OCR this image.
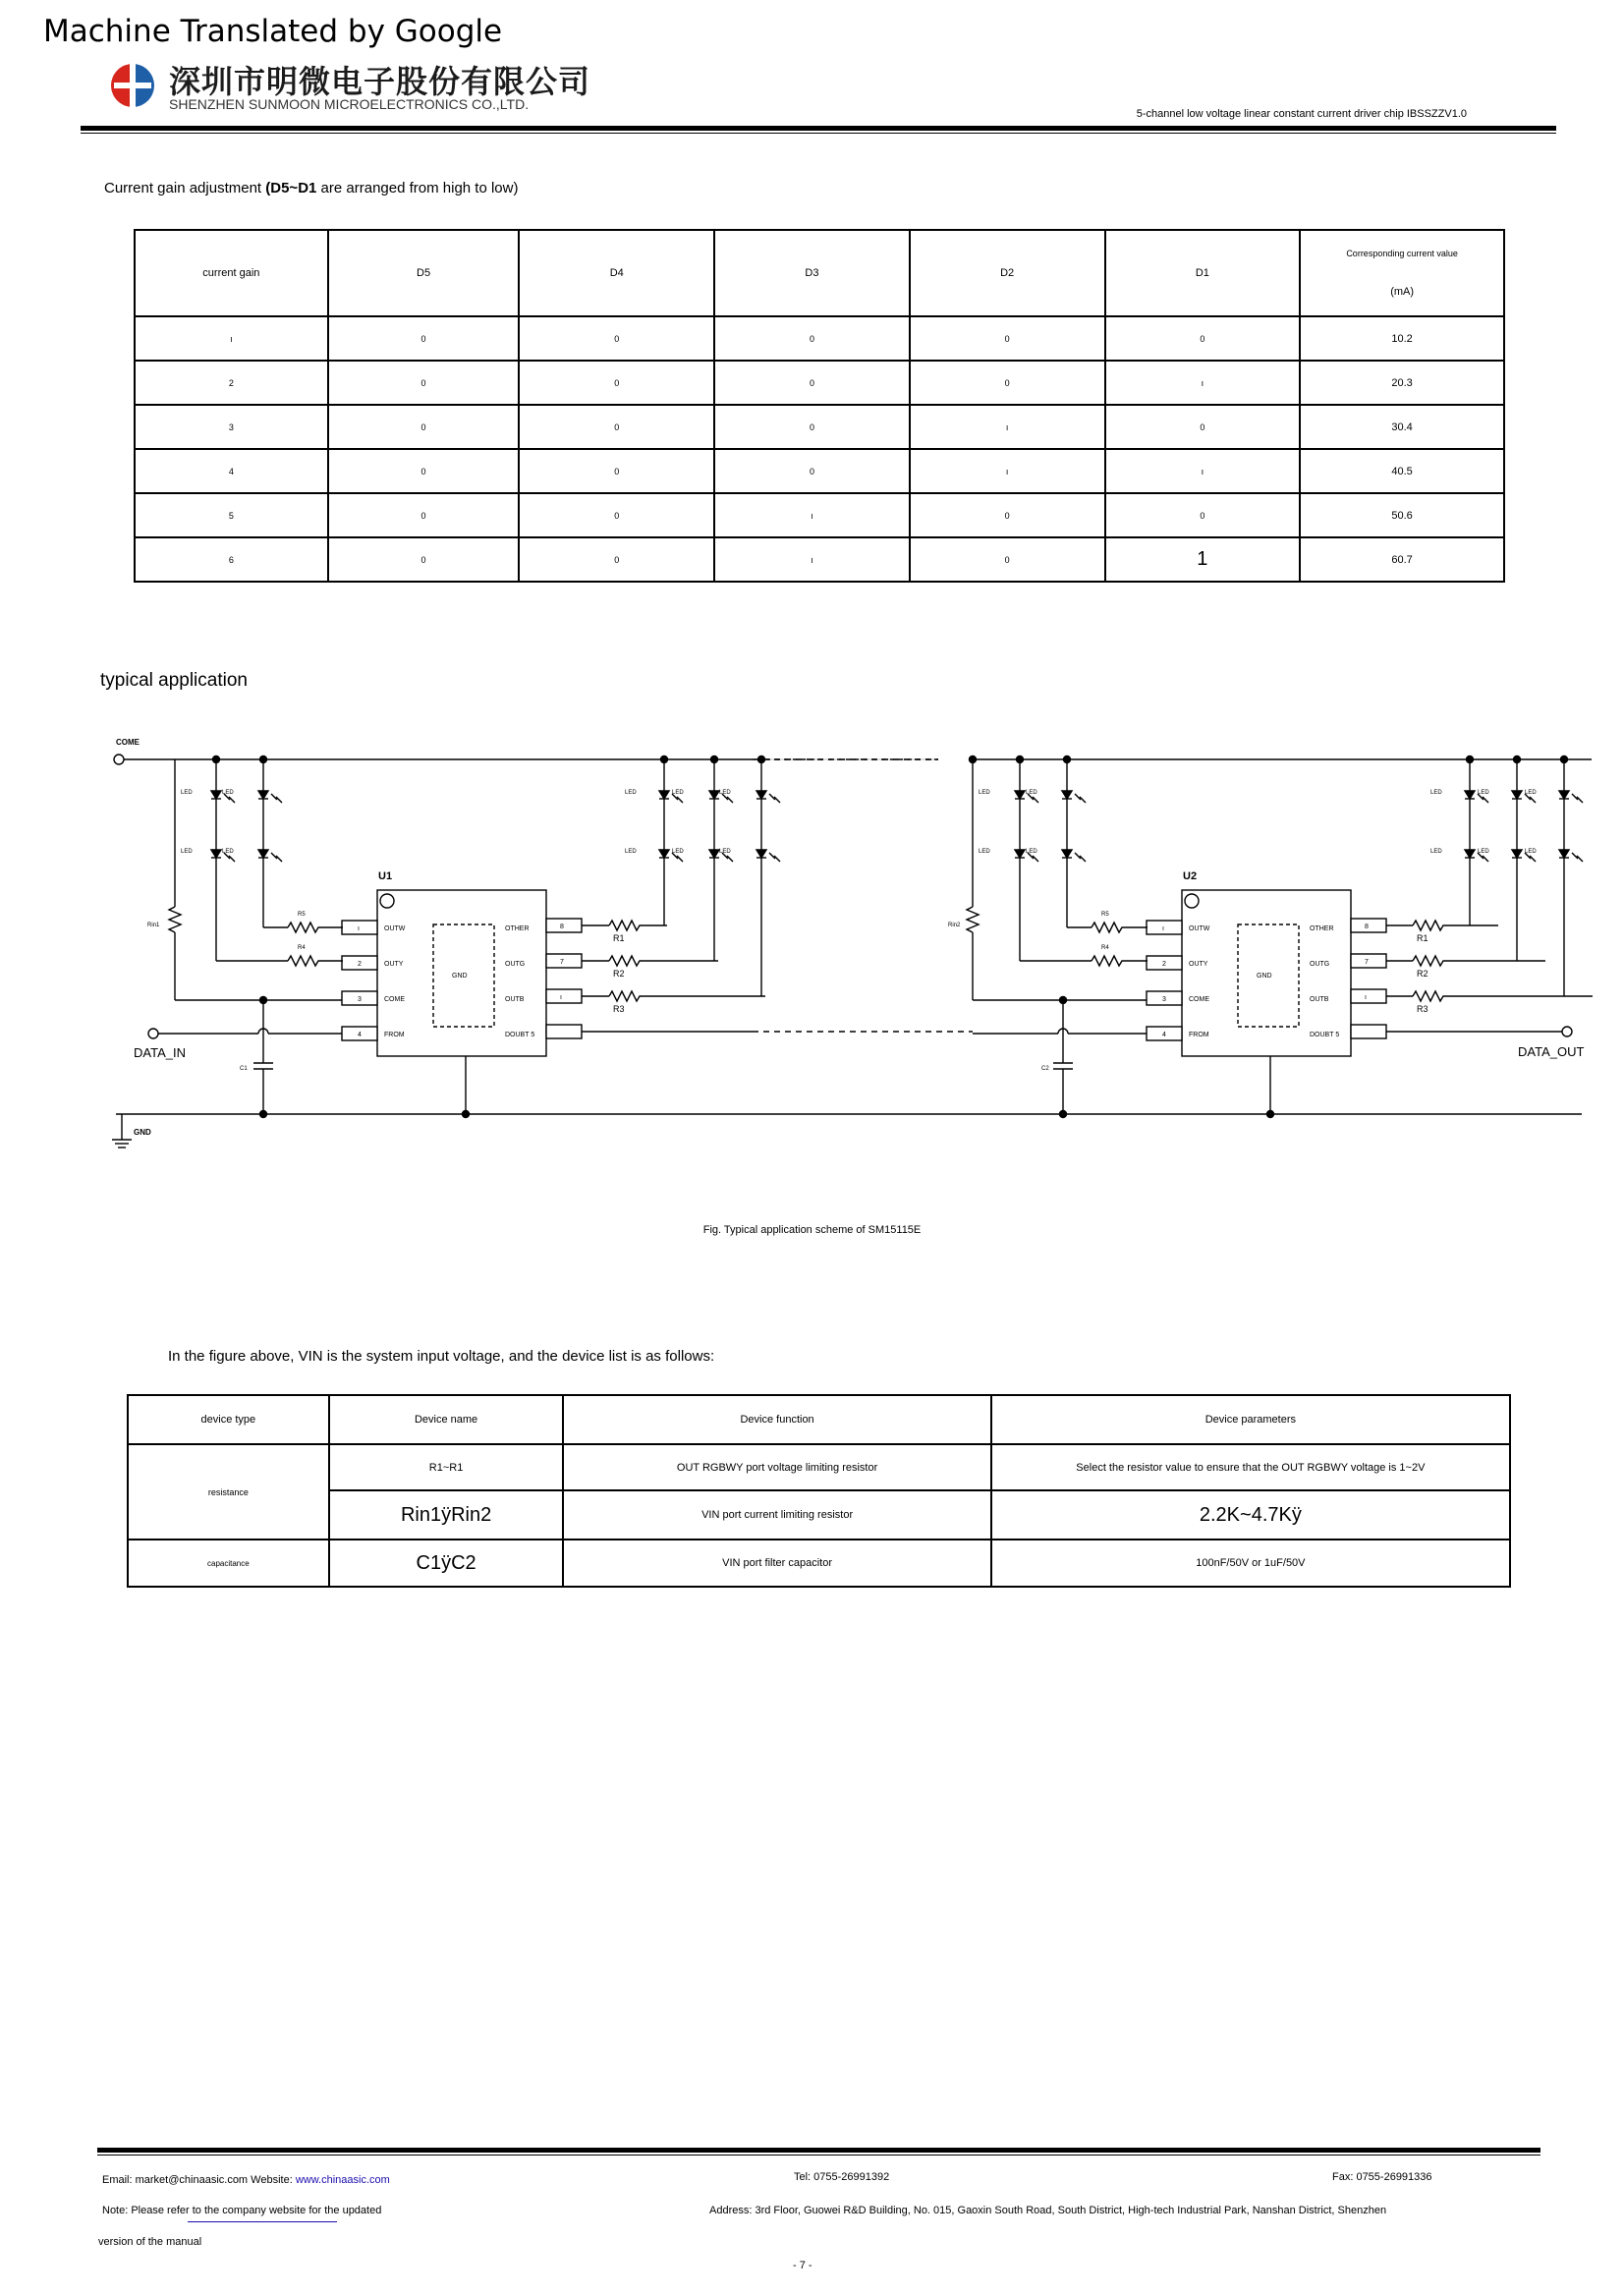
Machine Translated by Google
深圳市明微电子股份有限公司
SHENZHEN SUNMOON MICROELECTRONICS CO.,LTD.
5-channel low voltage linear constant current driver chip IBSSZZV1.0
Current gain adjustment (D5~D1 are arranged from high to low)
current gain	D5	D4	D3	D2	D1	Corresponding current value
(mA)

ı	0	0	0	0	0	10.2
2	0	0	0	0	ı	20.3
3	0	0	0	ı	0	30.4
4	0	0	0	ı	ı	40.5
5	0	0	ı	0	0	50.6
6	0	0	ı	0	1	60.7
typical application
COME
GND
U1
GND
U2
GND
ı
2
3
4
OUTW
OUTY
COME
FROM
8
7
ı
OTHER
OUTG
OUTB
DOUBT 5
ı
2
3
4
OUTW
OUTY
COME
FROM
8
7
ı
OTHER
OUTG
OUTB
DOUBT 5
Rin1
R5
R4
DATA_IN
C1
R1
R2
R3
Rin2
R5
R4
C2
R1
R2
R3
DATA_OUT
LED
LED
LED
LED
LED
LED
LED
LED
LED
LED
LED
LED
LED
LED
LED
LED
LED
LED
LED
LED
Fig. Typical application scheme of SM15115E
In the figure above, VIN is the system input voltage, and the device list is as follows:
device type	Device name	Device function	Device parameters
resistance	R1~R1	OUT RGBWY port voltage limiting resistor	Select the resistor value to ensure that the OUT RGBWY voltage is 1~2V
	Rin1ÿRin2	VIN port current limiting resistor	2.2K~4.7Kÿ
capacitance	C1ÿC2	VIN port filter capacitor	100nF/50V or 1uF/50V
Email: market@chinaasic.com Website: www.chinaasic.com	Tel: 0755-26991392	Fax: 0755-26991336
Note: Please refer to the company website for the updated	Address: 3rd Floor, Guowei R&D Building, No. 015, Gaoxin South Road, South District, High-tech Industrial Park, Nanshan District, Shenzhen
version of the manual
- 7 -
